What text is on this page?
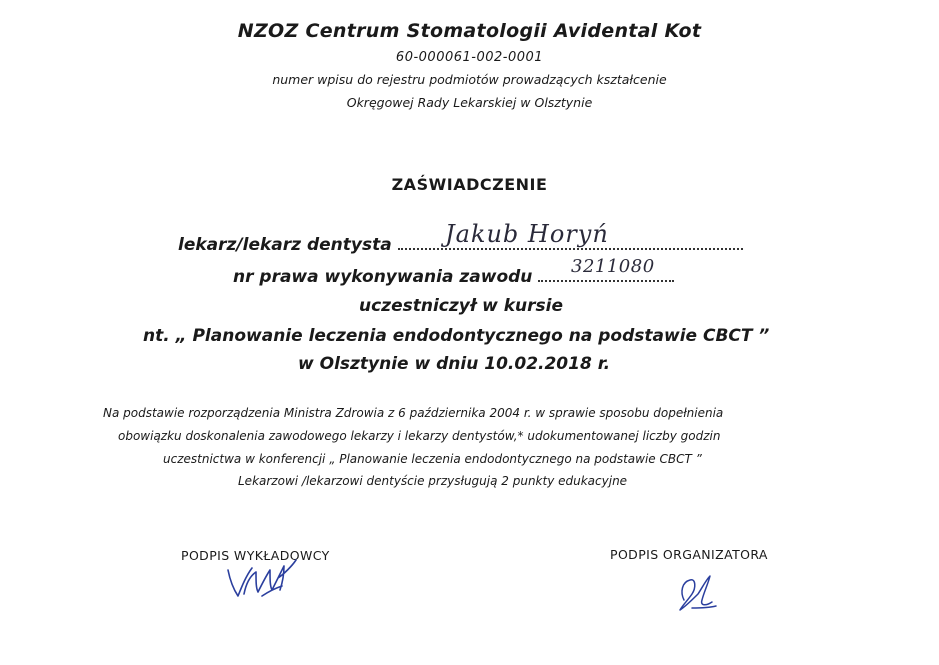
NZOZ Centrum Stomatologii Avidental Kot
60-000061-002-0001
numer wpisu do rejestru podmiotów prowadzących kształcenie
Okręgowej Rady Lekarskiej w Olsztynie
ZAŚWIADCZENIE
lekarz/lekarz dentysta	Jakub Horyń
nr prawa wykonywania zawodu	3211080
uczestniczył w kursie
nt. „ Planowanie leczenia endodontycznego na podstawie CBCT ”
w Olsztynie w dniu 10.02.2018 r.
Na podstawie rozporządzenia Ministra Zdrowia z 6 października 2004 r. w sprawie sposobu dopełnienia
obowiązku doskonalenia zawodowego lekarzy i lekarzy dentystów,* udokumentowanej liczby godzin
uczestnictwa w konferencji „ Planowanie leczenia endodontycznego na podstawie CBCT ”
Lekarzowi /lekarzowi dentyście przysługują 2 punkty edukacyjne
PODPIS WYKŁADOWCY	PODPIS ORGANIZATORA
